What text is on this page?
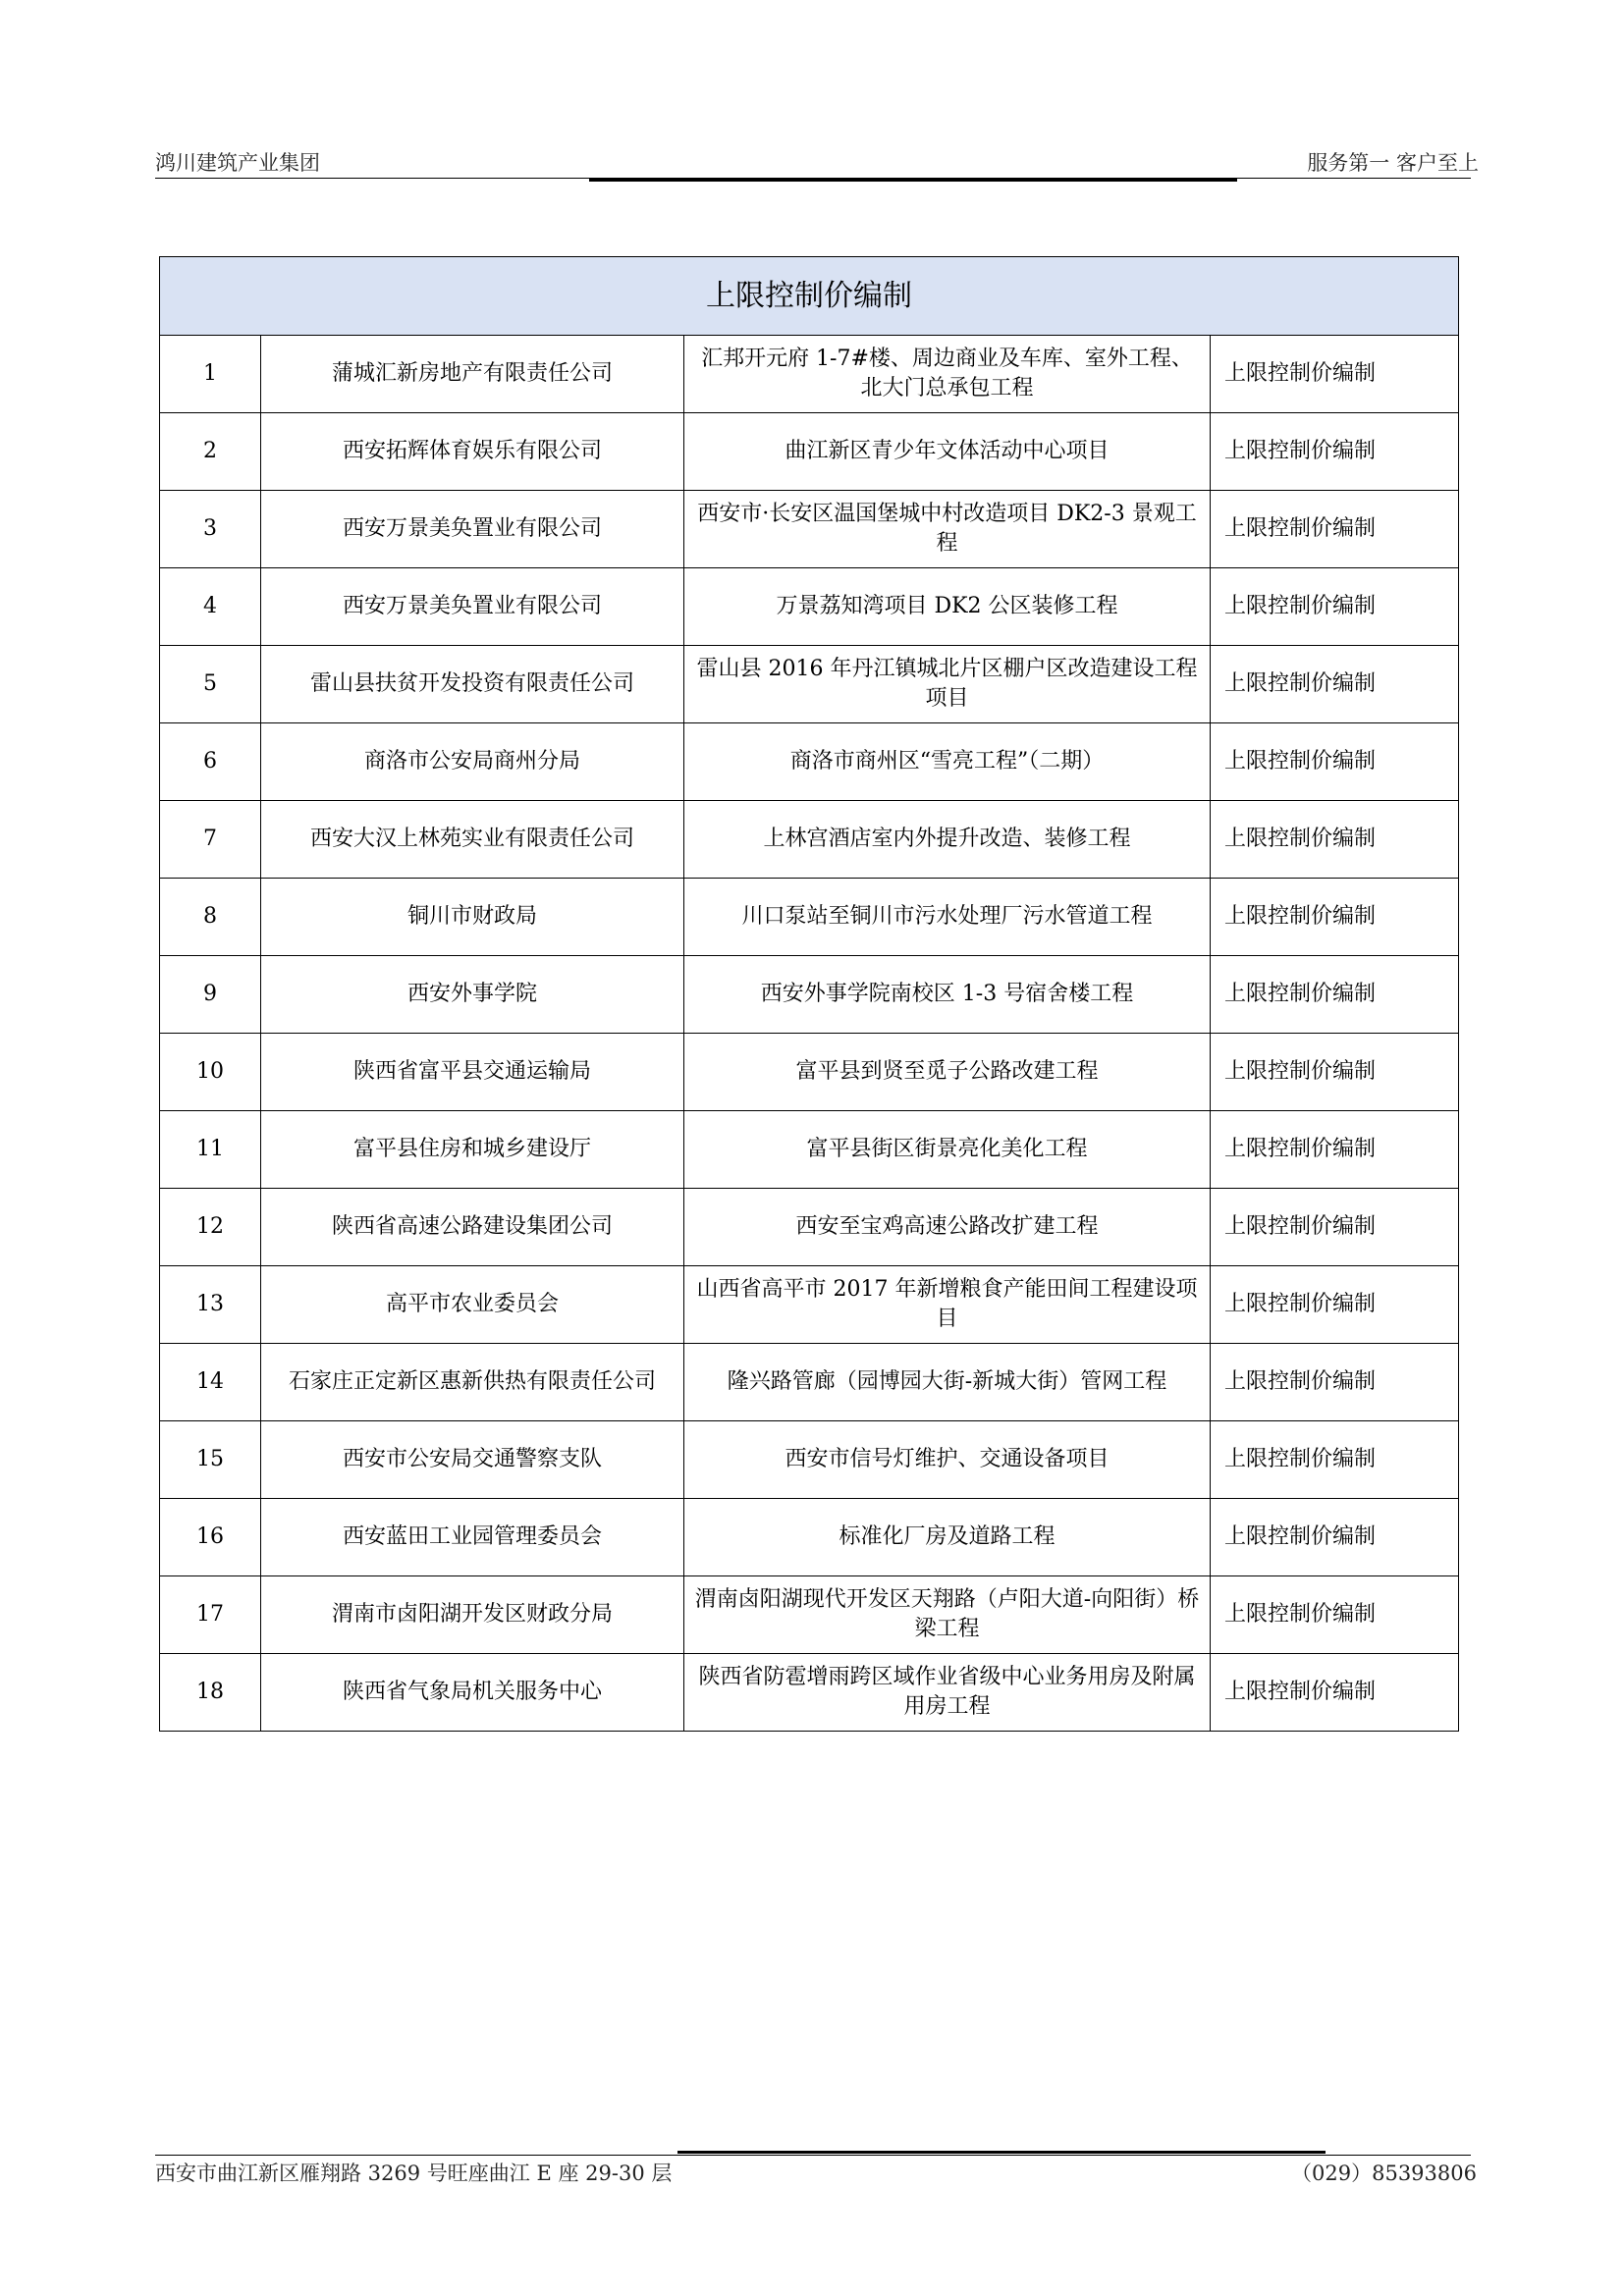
鸿川建筑产业集团	服务第一 客户至上
上限控制价编制			
1	蒲城汇新房地产有限责任公司	汇邦开元府 1-7#楼、周边商业及车库、室外工程、北大门总承包工程	上限控制价编制
2	西安拓辉体育娱乐有限公司	曲江新区青少年文体活动中心项目	上限控制价编制
3	西安万景美奂置业有限公司	西安市·长安区温国堡城中村改造项目 DK2-3 景观工程	上限控制价编制
4	西安万景美奂置业有限公司	万景荔知湾项目 DK2 公区装修工程	上限控制价编制
5	雷山县扶贫开发投资有限责任公司	雷山县 2016 年丹江镇城北片区棚户区改造建设工程项目	上限控制价编制
6	商洛市公安局商州分局	商洛市商州区“雪亮工程”（二期）	上限控制价编制
7	西安大汉上林苑实业有限责任公司	上林宫酒店室内外提升改造、装修工程	上限控制价编制
8	铜川市财政局	川口泵站至铜川市污水处理厂污水管道工程	上限控制价编制
9	西安外事学院	西安外事学院南校区 1-3 号宿舍楼工程	上限控制价编制
10	陕西省富平县交通运输局	富平县到贤至觅子公路改建工程	上限控制价编制
11	富平县住房和城乡建设厅	富平县街区街景亮化美化工程	上限控制价编制
12	陕西省高速公路建设集团公司	西安至宝鸡高速公路改扩建工程	上限控制价编制
13	高平市农业委员会	山西省高平市 2017 年新增粮食产能田间工程建设项目	上限控制价编制
14	石家庄正定新区惠新供热有限责任公司	隆兴路管廊（园博园大街-新城大街）管网工程	上限控制价编制
15	西安市公安局交通警察支队	西安市信号灯维护、交通设备项目	上限控制价编制
16	西安蓝田工业园管理委员会	标准化厂房及道路工程	上限控制价编制
17	渭南市卤阳湖开发区财政分局	渭南卤阳湖现代开发区天翔路（卢阳大道-向阳街）桥梁工程	上限控制价编制
18	陕西省气象局机关服务中心	陕西省防雹增雨跨区域作业省级中心业务用房及附属用房工程	上限控制价编制
西安市曲江新区雁翔路 3269 号旺座曲江 E 座 29-30 层	（029）85393806
